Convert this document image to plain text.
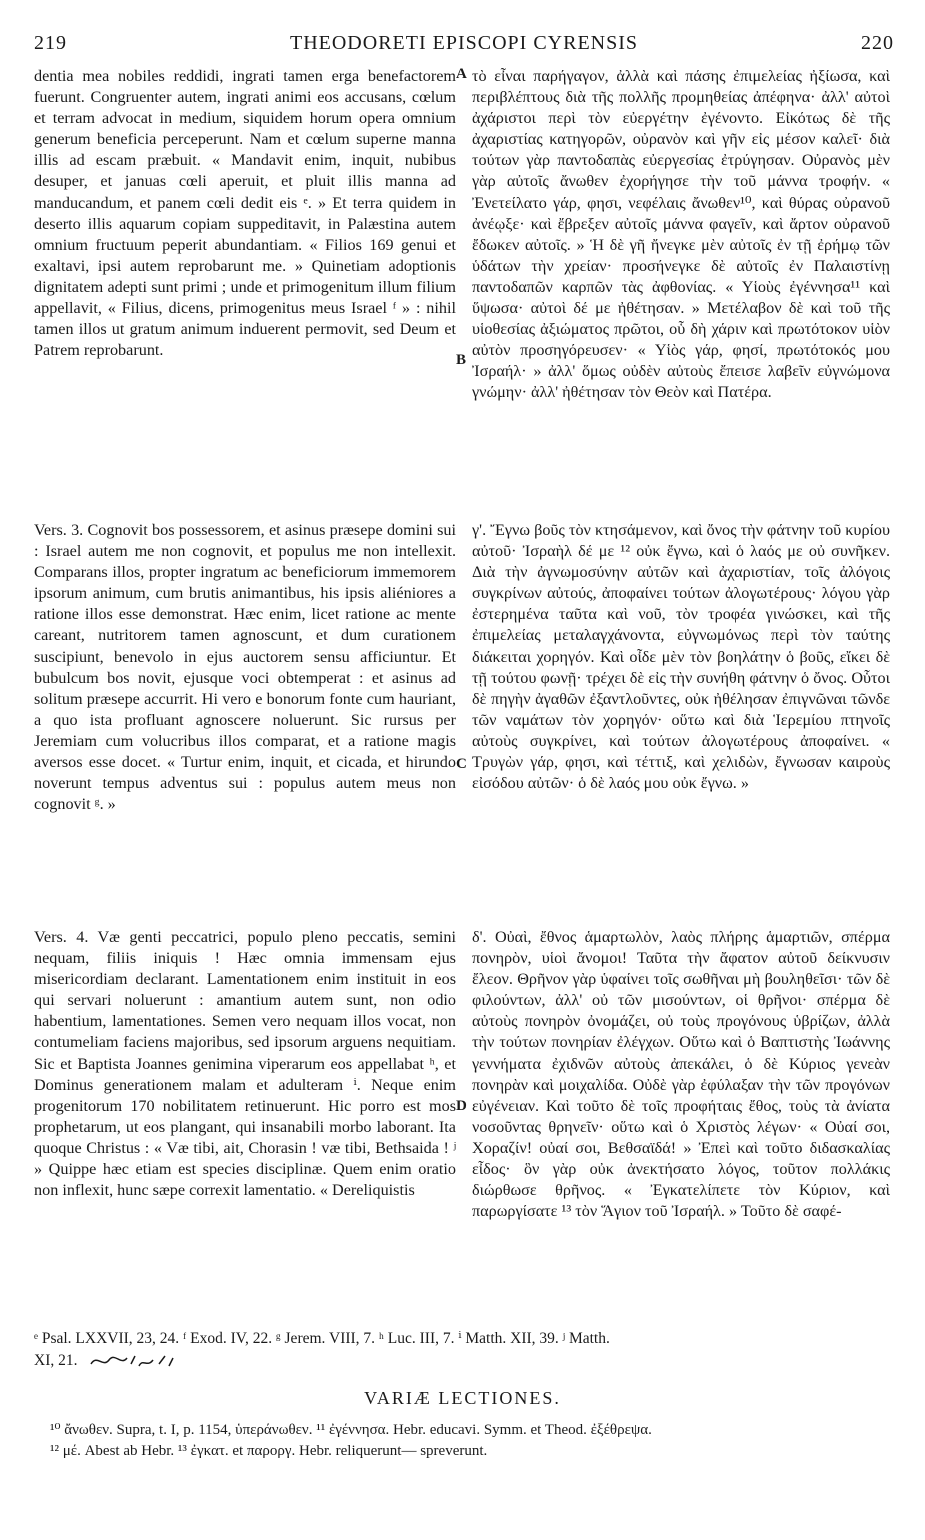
219	THEODORETI EPISCOPI CYRENSIS	220

dentia mea nobiles reddidi, ingrati tamen erga benefactorem fuerunt. Congruenter autem, ingrati animi eos accusans, cœlum et terram advocat in medium, siquidem horum opera omnium generum beneficia perceperunt. Nam et cœlum superne manna illis ad escam præbuit. « Mandavit enim, inquit, nubibus desuper, et januas cœli aperuit, et pluit illis manna ad manducandum, et panem cœli dedit eis ᵉ. » Et terra quidem in deserto illis aquarum copiam suppeditavit, in Palæstina autem omnium fructuum peperit abundantiam. « Filios 169 genui et exaltavi, ipsi autem reprobarunt me. » Quinetiam adoptionis dignitatem adepti sunt primi ; unde et primogenitum illum filium appellavit, « Filius, dicens, primogenitus meus Israel ᶠ » : nihil tamen illos ut gratum animum induerent permovit, sed Deum et Patrem reprobarunt.

Vers. 3. Cognovit bos possessorem, et asinus præsepe domini sui : Israel autem me non cognovit, et populus me non intellexit. Comparans illos, propter ingratum ac beneficiorum immemorem ipsorum animum, cum brutis animantibus, his ipsis aliéniores a ratione illos esse demonstrat. Hæc enim, licet ratione ac mente careant, nutritorem tamen agnoscunt, et dum curationem suscipiunt, benevolo in ejus auctorem sensu afficiuntur. Et bubulcum bos novit, ejusque voci obtemperat : et asinus ad solitum præsepe accurrit. Hi vero e bonorum fonte cum hauriant, a quo ista profluant agnoscere noluerunt. Sic rursus per Jeremiam cum volucribus illos comparat, et a ratione magis aversos esse docet. « Turtur enim, inquit, et cicada, et hirundo noverunt tempus adventus sui : populus autem meus non cognovit ᵍ. »

Vers. 4. Væ genti peccatrici, populo pleno peccatis, semini nequam, filiis iniquis ! Hæc omnia immensam ejus misericordiam declarant. Lamentationem enim instituit in eos qui servari noluerunt : amantium autem sunt, non odio habentium, lamentationes. Semen vero nequam illos vocat, non contumeliam faciens majoribus, sed ipsorum arguens nequitiam. Sic et Baptista Joannes genimina viperarum eos appellabat ʰ, et Dominus generationem malam et adulteram ⁱ. Neque enim progenitorum 170 nobilitatem retinuerunt. Hic porro est mos prophetarum, ut eos plangant, qui insanabili morbo laborant. Ita quoque Christus : « Væ tibi, ait, Chorasin ! væ tibi, Bethsaida ! ʲ » Quippe hæc etiam est species disciplinæ. Quem enim oratio non inflexit, hunc sæpe correxit lamentatio. « Dereliquistis

A
B
C
D

τὸ εἶναι παρήγαγον, ἀλλὰ καὶ πάσης ἐπιμελείας ἠξίωσα, καὶ περιβλέπτους διὰ τῆς πολλῆς προμηθείας ἀπέφηνα· ἀλλ' αὐτοὶ ἀχάριστοι περὶ τὸν εὐεργέτην ἐγένοντο. Εἰκότως δὲ τῆς ἀχαριστίας κατηγορῶν, οὐρανὸν καὶ γῆν εἰς μέσον καλεῖ· διὰ τούτων γὰρ παντοδαπὰς εὐεργεσίας ἐτρύγησαν. Οὐρανὸς μὲν γὰρ αὐτοῖς ἄνωθεν ἐχορήγησε τὴν τοῦ μάννα τροφήν. « Ἐνετείλατο γάρ, φησι, νεφέλαις ἄνωθεν¹⁰, καὶ θύρας οὐρανοῦ ἀνέῳξε· καὶ ἔβρεξεν αὐτοῖς μάννα φαγεῖν, καὶ ἄρτον οὐρανοῦ ἔδωκεν αὐτοῖς. » Ἡ δὲ γῆ ἤνεγκε μὲν αὐτοῖς ἐν τῇ ἐρήμῳ τῶν ὑδάτων τὴν χρείαν· προσήνεγκε δὲ αὐτοῖς ἐν Παλαιστίνῃ παντοδαπῶν καρπῶν τὰς ἀφθονίας. « Υἱοὺς ἐγέννησα¹¹ καὶ ὕψωσα· αὐτοὶ δέ με ἠθέτησαν. » Μετέλαβον δὲ καὶ τοῦ τῆς υἱοθεσίας ἀξιώματος πρῶτοι, οὗ δὴ χάριν καὶ πρωτότοκον υἱὸν αὐτὸν προσηγόρευσεν· « Υἱὸς γάρ, φησί, πρωτότοκός μου Ἰσραήλ· » ἀλλ' ὅμως οὐδὲν αὐτοὺς ἔπεισε λαβεῖν εὐγνώμονα γνώμην· ἀλλ' ἠθέτησαν τὸν Θεὸν καὶ Πατέρα.

γ'. Ἔγνω βοῦς τὸν κτησάμενον, καὶ ὄνος τὴν φάτνην τοῦ κυρίου αὐτοῦ· Ἰσραὴλ δέ με ¹² οὐκ ἔγνω, καὶ ὁ λαός με οὐ συνῆκεν. Διὰ τὴν ἀγνωμοσύνην αὐτῶν καὶ ἀχαριστίαν, τοῖς ἀλόγοις συγκρίνων αὐτούς, ἀποφαίνει τούτων ἀλογωτέρους· λόγου γὰρ ἐστερημένα ταῦτα καὶ νοῦ, τὸν τροφέα γινώσκει, καὶ τῆς ἐπιμελείας μεταλαγχάνοντα, εὐγνωμόνως περὶ τὸν ταύτης διάκειται χορηγόν. Καὶ οἶδε μὲν τὸν βοηλάτην ὁ βοῦς, εἴκει δὲ τῇ τούτου φωνῇ· τρέχει δὲ εἰς τὴν συνήθη φάτνην ὁ ὄνος. Οὗτοι δὲ πηγὴν ἀγαθῶν ἐξαντλοῦντες, οὐκ ἠθέλησαν ἐπιγνῶναι τῶνδε τῶν ναμάτων τὸν χορηγόν· οὕτω καὶ διὰ Ἱερεμίου πτηνοῖς αὐτοὺς συγκρίνει, καὶ τούτων ἀλογωτέρους ἀποφαίνει. « Τρυγὼν γάρ, φησι, καὶ τέττιξ, καὶ χελιδὼν, ἔγνωσαν καιροὺς εἰσόδου αὐτῶν· ὁ δὲ λαός μου οὐκ ἔγνω. »

δ'. Οὐαὶ, ἔθνος ἁμαρτωλὸν, λαὸς πλήρης ἁμαρτιῶν, σπέρμα πονηρὸν, υἱοὶ ἄνομοι! Ταῦτα τὴν ἄφατον αὐτοῦ δείκνυσιν ἔλεον. Θρῆνον γὰρ ὑφαίνει τοῖς σωθῆναι μὴ βουληθεῖσι· τῶν δὲ φιλούντων, ἀλλ' οὐ τῶν μισούντων, οἱ θρῆνοι· σπέρμα δὲ αὐτοὺς πονηρὸν ὀνομάζει, οὐ τοὺς προγόνους ὑβρίζων, ἀλλὰ τὴν τούτων πονηρίαν ἐλέγχων. Οὕτω καὶ ὁ Βαπτιστὴς Ἰωάννης γεννήματα ἐχιδνῶν αὐτοὺς ἀπεκάλει, ὁ δὲ Κύριος γενεὰν πονηρὰν καὶ μοιχαλίδα. Οὐδὲ γὰρ ἐφύλαξαν τὴν τῶν προγόνων εὐγένειαν. Καὶ τοῦτο δὲ τοῖς προφήταις ἔθος, τοὺς τὰ ἀνίατα νοσοῦντας θρηνεῖν· οὕτω καὶ ὁ Χριστὸς λέγων· « Οὐαί σοι, Χοραζίν! οὐαί σοι, Βεθσαϊδά! » Ἐπεὶ καὶ τοῦτο διδασκαλίας εἶδος· ὃν γὰρ οὐκ ἀνεκτήσατο λόγος, τοῦτον πολλάκις διώρθωσε θρῆνος. « Ἐγκατελίπετε τὸν Κύριον, καὶ παρωργίσατε ¹³ τὸν Ἅγιον τοῦ Ἰσραήλ. » Τοῦτο δὲ σαφέ-

ᵉ Psal. LXXVII, 23, 24. ᶠ Exod. IV, 22. ᵍ Jerem. VIII, 7. ʰ Luc. III, 7. ⁱ Matth. XII, 39. ʲ Matth.
XI, 21.
VARIÆ LECTIONES.
¹⁰ ἄνωθεν. Supra, t. I, p. 1154, ὑπεράνωθεν. ¹¹ ἐγέννησα. Hebr. educavi. Symm. et Theod. ἐξέθρεψα.
¹² μέ. Abest ab Hebr. ¹³ ἐγκατ. et παροργ. Hebr. reliquerunt— spreverunt.
